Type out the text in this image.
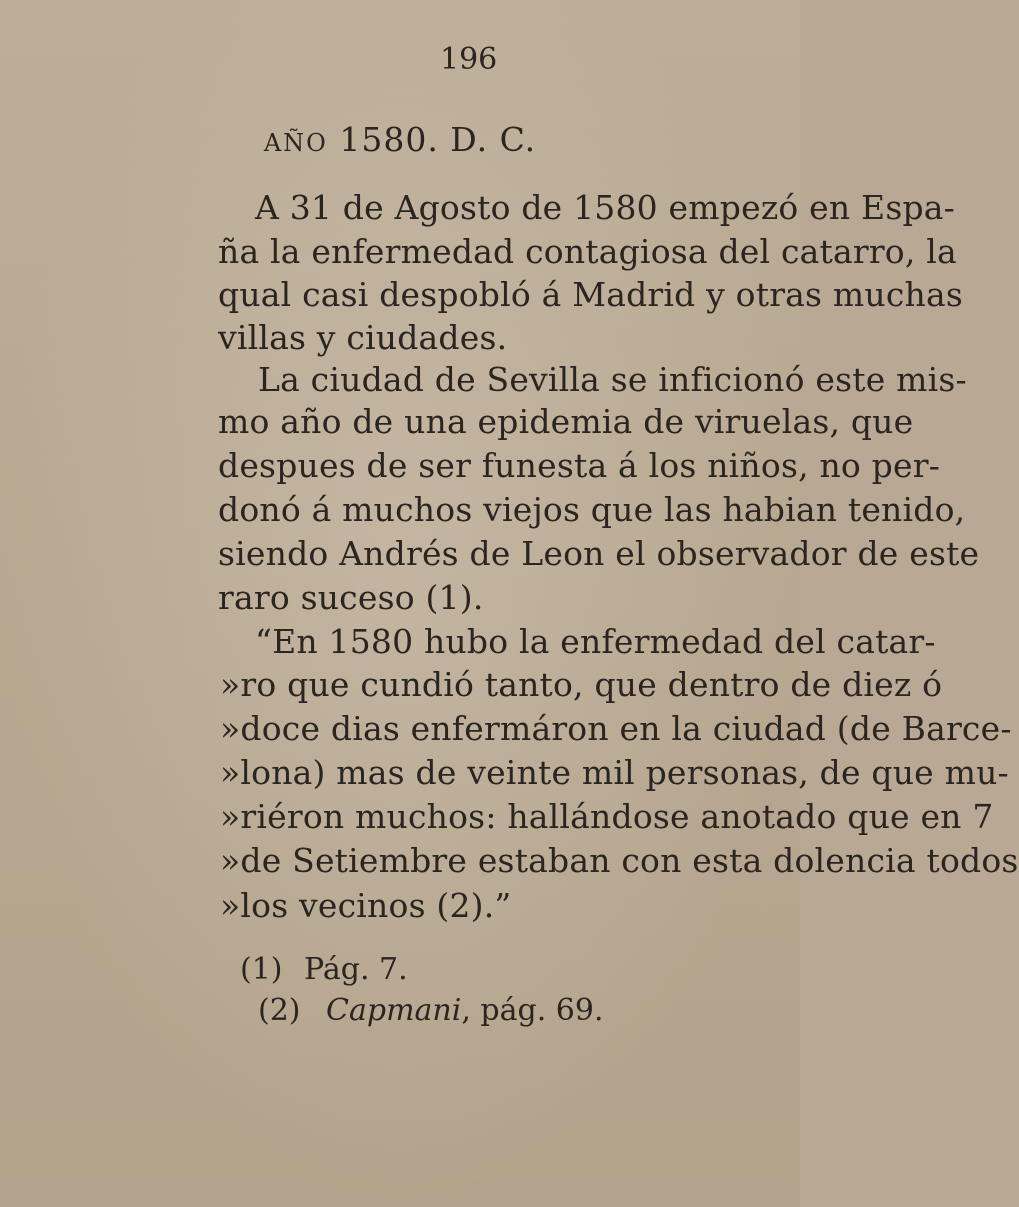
196
AÑO 1580. D. C.
A 31 de Agosto de 1580 empezó en Espa-
ña la enfermedad contagiosa del catarro, la
qual casi despobló á Madrid y otras muchas
villas y ciudades.
La ciudad de Sevilla se inficionó este mis-
mo año de una epidemia de viruelas, que
despues de ser funesta á los niños, no per-
donó á muchos viejos que las habian tenido,
siendo Andrés de Leon el observador de este
raro suceso (1).
“En 1580 hubo la enfermedad del catar-
»ro que cundió tanto, que dentro de diez ó
»doce dias enfermáron en la ciudad (de Barce-
»lona) mas de veinte mil personas, de que mu-
»riéron muchos: hallándose anotado que en 7
»de Setiembre estaban con esta dolencia todos
»los vecinos (2).”
(1) Pág. 7.
(2) Capmani, pág. 69.
